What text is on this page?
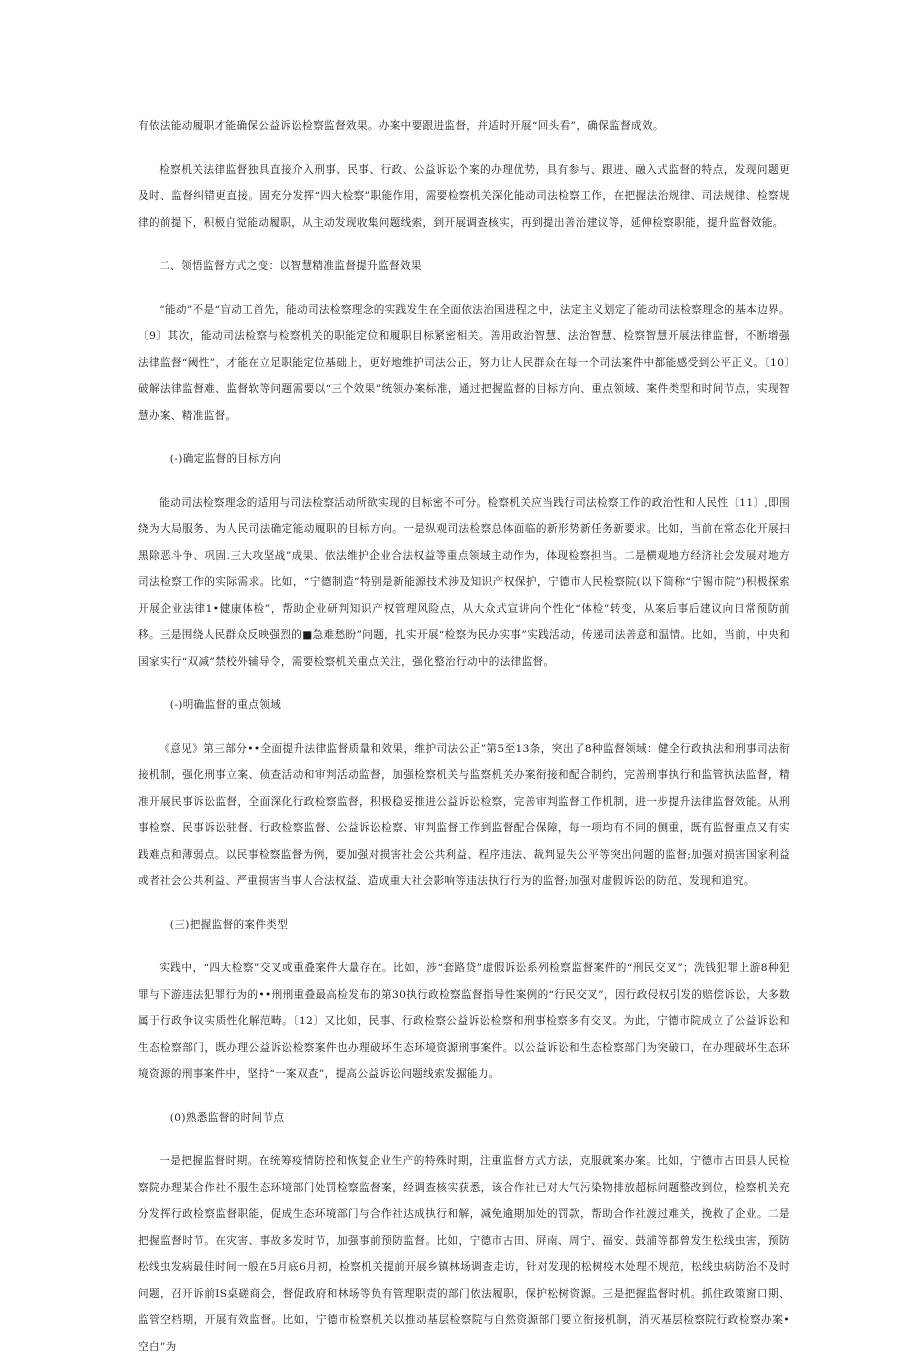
有依法能动履职才能确保公益诉讼检察监督效果。办案中要跟进监督，并适时开展“回头看”，确保监督成效。

检察机关法律监督独具直接介入刑事、民事、行政、公益诉讼个案的办理优势，具有参与、跟进、融入式监督的特点，发现问题更及时、监督纠错更直接。固充分发挥“四大检察”职能作用，需要检察机关深化能动司法检察工作，在把握法治规律、司法规律、检察规律的前提下，积极自觉能动履职，从主动发现收集问题线索，到开展调查核实，再到提出善治建议等，延伸检察职能，提升监督效能。

二、领悟监督方式之变：以智慧精准监督提升监督效果

“能动”不是“盲动工首先，能动司法检察理念的实践发生在全面依法治国进程之中，法定主义划定了能动司法检察理念的基本边界。〔9〕其次，能动司法检察与检察机关的职能定位和履职目标紧密相关。善用政治智慧、法治智慧、检察智慧开展法律监督，不断增强法律监督“阈性”，才能在立足职能定位基础上，更好地维护司法公正，努力让人民群众在每一个司法案件中都能感受到公平正义。〔10〕破解法律监督难、监督软等问题需要以“三个效果”统领办案标准，通过把握监督的目标方向、重点领域、案件类型和时间节点，实现智慧办案、精准监督。

(-)确定监督的目标方向

能动司法检察理念的适用与司法检察活动所欲实现的目标密不可分。检察机关应当践行司法检察工作的政治性和人民性〔11〕,即围绕为大局服务、为人民司法确定能动履职的目标方向。一是纵观司法检察总体面临的新形势新任务新要求。比如，当前在常态化开展扫黑除恶斗争、巩固.三大攻坚战”成果、依法维护企业合法权益等重点领域主动作为，体现检察担当。二是横观地方经济社会发展对地方司法检察工作的实际需求。比如，“宁德制造”特别是新能源技术涉及知识产权保护，宁德市人民检察院(以下简称“宁锡市院”)积极探索开展企业法律1•健康体检”，帮助企业研判知识产权管理风险点，从大众式宣讲向个性化“体检”转变，从案后事后建议向日常预防前移。三是围绕人民群众反映强烈的■急难愁盼”问题，扎实开展“检察为民办实事”实践活动，传递司法善意和温情。比如，当前，中央和国家实行“双减”禁校外辅导令，需要检察机关重点关注，强化整治行动中的法律监督。

(-)明确监督的重点领域

《意见》第三部分••全面提升法律监督质量和效果，维护司法公正”第5至13条，突出了8种监督领域：健全行政执法和刑事司法衔接机制，强化刑事立案、侦查活动和审判活动监督，加强检察机关与监察机关办案衔接和配合制约，完善刑事执行和监管执法监督，精准开展民事诉讼监督，全面深化行政检察监督，积极稳妥推进公益诉讼检察，完善审判监督工作机制，进一步提升法律监督效能。从刑事检察、民事诉讼驻督、行政检察监督、公益诉讼检察、审判监督工作到监督配合保障，每一项均有不同的侧重，既有监督重点又有实践难点和薄弱点。以民事检察监督为例，要加强对损害社会公共利益、程序违法、裁判显失公平等突出问题的监督;加强对损害国家利益或者社会公共利益、严重损害当事人合法权益、造成重大社会影响等违法执行行为的监督;加强对虚假诉讼的防范、发现和追究。

(三)把握监督的案件类型

实践中，“四大检察”交叉或重叠案件大量存在。比如，涉“套路贷”虚假诉讼系列检察监督案件的“刑民交叉”；洗钱犯罪上游8种犯罪与下游违法犯罪行为的••刑刑重叠最高检发布的第30执行政检察监督指导性案例的“行民交叉”，因行政侵权引发的赔偿诉讼，大多数属于行政争议实质性化解范畴。〔12〕又比如，民事、行政检察公益诉讼检察和刑事检察多有交叉。为此，宁德市院成立了公益诉讼和生态检察部门，既办理公益诉讼检察案件也办理破坏生态环境资源刑事案件。以公益诉讼和生态检察部门为突破口，在办理破坏生态环境资源的刑事案件中，坚持“一案双查”，提高公益诉讼问题线索发掘能力。

(0)熟悉监督的时间节点

一是把握监督时期。在统筹疫情防控和恢复企业生产的特殊时期，注重监督方式方法，克服就案办案。比如，宁德市古田县人民检察院办理某合作社不服生态环境部门处罚检察监督案，经调查核实获悉，该合作社已对大气污染物排放超标问题整改到位，检察机关充分发挥行政检察监督职能，促成生态环境部门与合作社达成执行和解，减免逾期加处的罚款，帮助合作社渡过难关，挽救了企业。二是把握监督时节。在灾害、事故多发时节，加强事前预防监督。比如，宁德市古田、屏南、周宁、福安、鼓浦等都曾发生松线虫害，预防松线虫发病最佳时间一般在5月底6月初，检察机关提前开展乡镇林场调查走访，针对发现的松树疫木处理不规范，松线虫病防治不及时问题，召开诉前IS桌磋商会，督促政府和林场等负有管理职责的部门依法履职，保护松树资源。三是把握监督时机。抓住政策窗口期、监管空档期，开展有效监督。比如，宁德市检察机关以推动基层检察院与自然资源部门要立衔接机制，消灭基层检察院行政检察办案•空白”为
